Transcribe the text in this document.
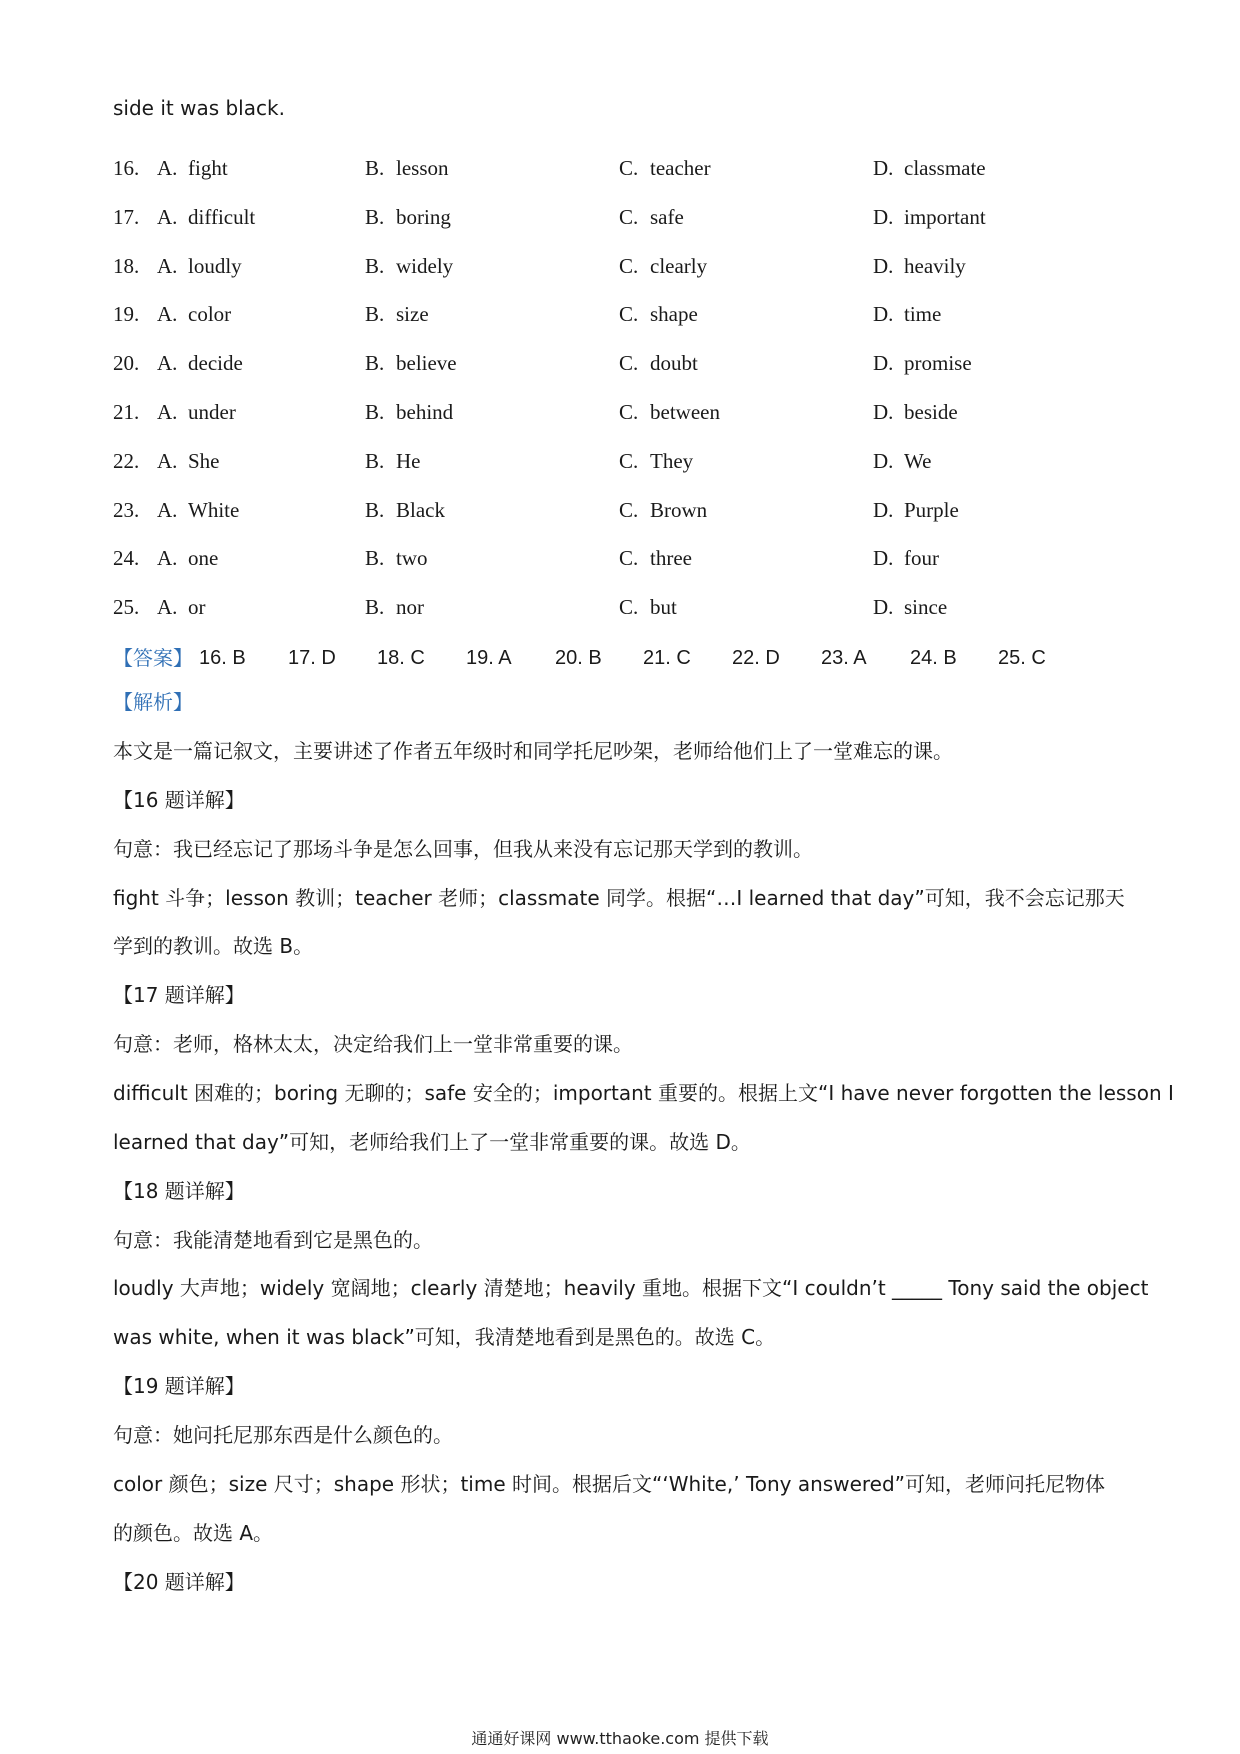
side it was black.
16. A. fight	B. lesson	C. teacher	D. classmate
17. A. difficult	B. boring	C. safe	D. important
18. A. loudly	B. widely	C. clearly	D. heavily
19. A. color	B. size	C. shape	D. time
20. A. decide	B. believe	C. doubt	D. promise
21. A. under	B. behind	C. between	D. beside
22. A. She	B. He	C. They	D. We
23. A. White	B. Black	C. Brown	D. Purple
24. A. one	B. two	C. three	D. four
25. A. or	B. nor	C. but	D. since
【答案】 16. B 17. D 18. C 19. A 20. B 21. C 22. D 23. A 24. B 25. C
【解析】
本文是一篇记叙文，主要讲述了作者五年级时和同学托尼吵架，老师给他们上了一堂难忘的课。
【16 题详解】
句意：我已经忘记了那场斗争是怎么回事，但我从来没有忘记那天学到的教训。
fight 斗争；lesson 教训；teacher 老师；classmate 同学。根据“…I learned that day”可知，我不会忘记那天
学到的教训。故选 B。
【17 题详解】
句意：老师，格林太太，决定给我们上一堂非常重要的课。
difficult 困难的；boring 无聊的；safe 安全的；important 重要的。根据上文“I have never forgotten the lesson I
learned that day”可知，老师给我们上了一堂非常重要的课。故选 D。
【18 题详解】
句意：我能清楚地看到它是黑色的。
loudly 大声地；widely 宽阔地；clearly 清楚地；heavily 重地。根据下文“I couldn’t _____ Tony said the object
was white, when it was black”可知，我清楚地看到是黑色的。故选 C。
【19 题详解】
句意：她问托尼那东西是什么颜色的。
color 颜色；size 尺寸；shape 形状；time 时间。根据后文“‘White,’ Tony answered”可知，老师问托尼物体
的颜色。故选 A。
【20 题详解】
通通好课网 www.tthaoke.com 提供下载
